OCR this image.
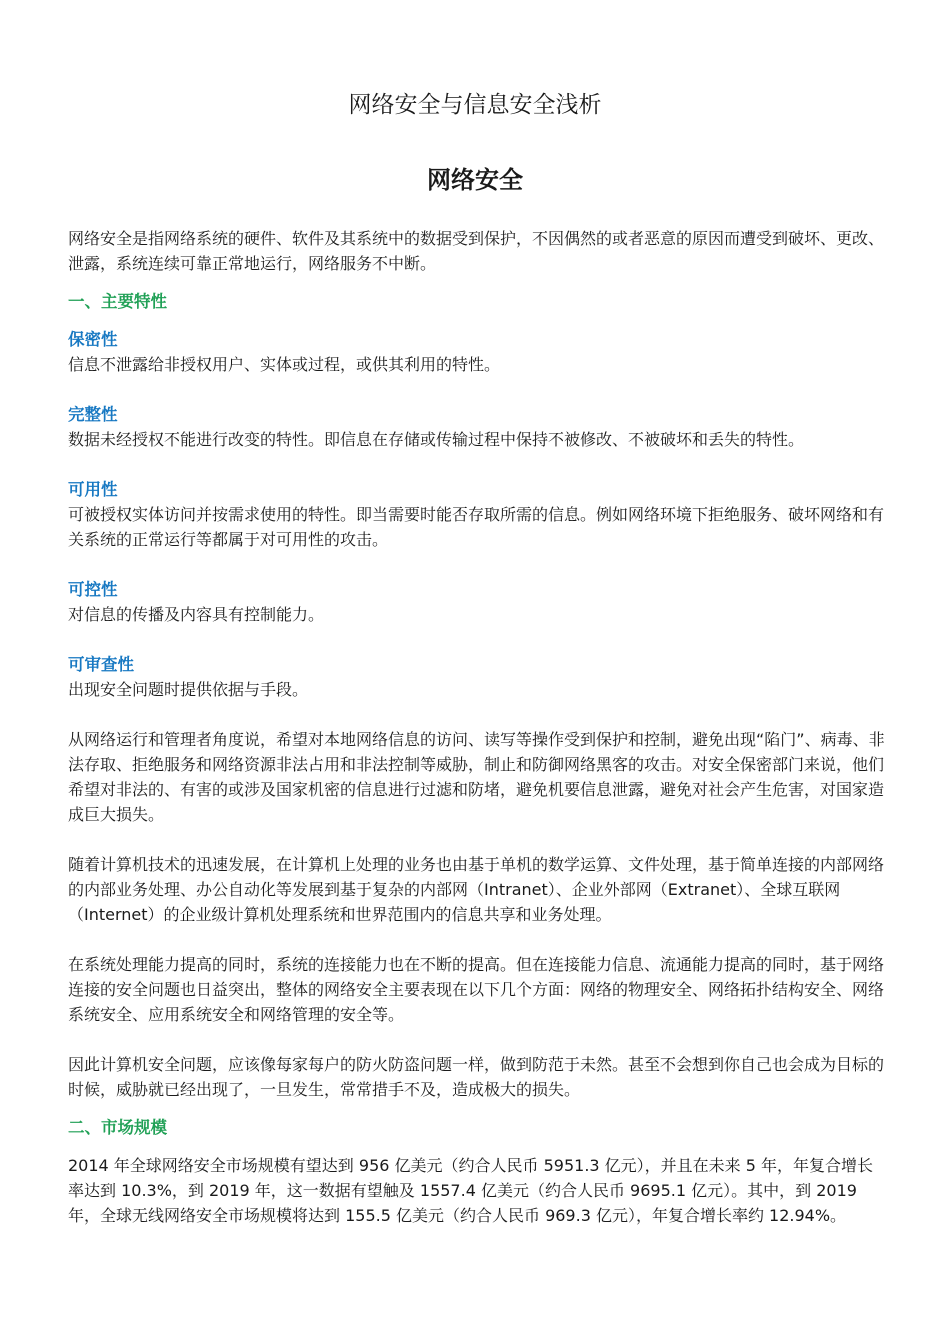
网络安全与信息安全浅析
网络安全

网络安全是指网络系统的硬件、软件及其系统中的数据受到保护，不因偶然的或者恶意的原因而遭受到破坏、更改、泄露，系统连续可靠正常地运行，网络服务不中断。

一、主要特性
保密性

信息不泄露给非授权用户、实体或过程，或供其利用的特性。

完整性

数据未经授权不能进行改变的特性。即信息在存储或传输过程中保持不被修改、不被破坏和丢失的特性。

可用性

可被授权实体访问并按需求使用的特性。即当需要时能否存取所需的信息。例如网络环境下拒绝服务、破坏网络和有关系统的正常运行等都属于对可用性的攻击。

可控性

对信息的传播及内容具有控制能力。

可审查性

出现安全问题时提供依据与手段。

从网络运行和管理者角度说，希望对本地网络信息的访问、读写等操作受到保护和控制，避免出现“陷门”、病毒、非法存取、拒绝服务和网络资源非法占用和非法控制等威胁，制止和防御网络黑客的攻击。对安全保密部门来说，他们希望对非法的、有害的或涉及国家机密的信息进行过滤和防堵，避免机要信息泄露，避免对社会产生危害，对国家造成巨大损失。

随着计算机技术的迅速发展，在计算机上处理的业务也由基于单机的数学运算、文件处理，基于简单连接的内部网络的内部业务处理、办公自动化等发展到基于复杂的内部网（Intranet）、企业外部网（Extranet）、全球互联网（Internet）的企业级计算机处理系统和世界范围内的信息共享和业务处理。

在系统处理能力提高的同时，系统的连接能力也在不断的提高。但在连接能力信息、流通能力提高的同时，基于网络连接的安全问题也日益突出，整体的网络安全主要表现在以下几个方面：网络的物理安全、网络拓扑结构安全、网络系统安全、应用系统安全和网络管理的安全等。

因此计算机安全问题，应该像每家每户的防火防盗问题一样，做到防范于未然。甚至不会想到你自己也会成为目标的时候，威胁就已经出现了，一旦发生，常常措手不及，造成极大的损失。

二、市场规模

2014 年全球网络安全市场规模有望达到 956 亿美元（约合人民币 5951.3 亿元），并且在未来 5 年，年复合增长率达到 10.3%，到 2019 年，这一数据有望触及 1557.4 亿美元（约合人民币 9695.1 亿元）。其中，到 2019 年，全球无线网络安全市场规模将达到 155.5 亿美元（约合人民币 969.3 亿元），年复合增长率约 12.94%。
